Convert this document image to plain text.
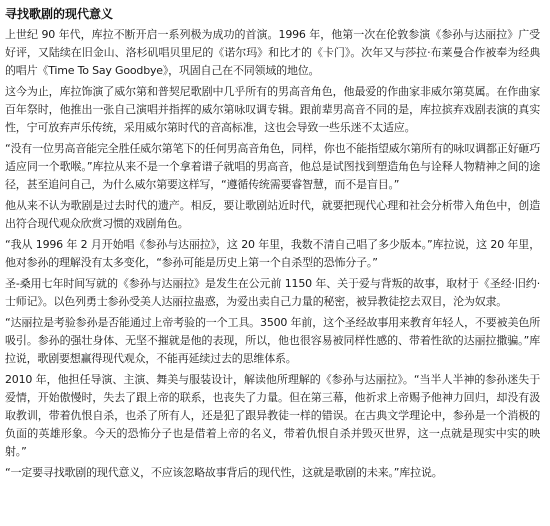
寻找歌剧的现代意义

上世纪 90 年代，库拉不断开启一系列极为成功的首演。1996 年，他第一次在伦敦参演《参孙与达丽拉》广受好评，又陆续在旧金山、洛杉矶唱贝里尼的《诺尔玛》和比才的《卡门》。次年又与莎拉·布莱曼合作被奉为经典的唱片《Time To Say Goodbye》，巩固自己在不同领域的地位。

这今为止，库拉饰演了威尔第和普契尼歌剧中几乎所有的男高音角色，他最爱的作曲家非威尔第莫属。在作曲家百年祭时，他推出一张自己演唱并指挥的威尔第咏叹调专辑。跟前辈男高音不同的是，库拉摈弃戏剧表演的真实性，宁可放弃声乐传统，采用威尔第时代的音高标准，这也会导致一些乐迷不太适应。

“没有一位男高音能完全胜任威尔第笔下的任何男高音角色，同样，你也不能指望威尔第所有的咏叹调都正好砸巧适应同一个歌喉。”库拉从来不是一个拿着谱子就唱的男高音，他总是试图找到塑造角色与诠释人物精神之间的途径，甚至追问自己，为什么威尔第要这样写，“遵循传统需要睿智慧，而不是盲目。”

他从来不认为歌剧是过去时代的遗产。相反，要让歌剧站近时代，就要把现代心理和社会分析带入角色中，创造出符合现代观众欣赏习惯的戏剧角色。

“我从 1996 年 2 月开始唱《参孙与达丽拉》，这 20 年里，我数不清自己唱了多少版本。”库拉说，这 20 年里，他对参孙的理解没有太多变化，“参孙可能是历史上第一个自杀型的恐怖分子。”

圣-桑用七年时间写就的《参孙与达丽拉》是发生在公元前 1150 年、关于爱与背叛的故事，取材于《圣经·旧约·士师记》。以色列勇士参孙受美人达丽拉蛊惑，为爱出卖自己力量的秘密，被异教徒挖去双目，沦为奴隶。

“达丽拉是考验参孙是否能通过上帝考验的一个工具。3500 年前，这个圣经故事用来教育年轻人，不要被美色所吸引。参孙的强壮身体、无坚不摧就是他的表现，所以，他也很容易被同样性感的、带着性欲的达丽拉撒骗。”库拉说，歌剧要想赢得现代观众，不能再延续过去的思维体系。

2010 年，他担任导演、主演、舞美与服装设计，解读他所理解的《参孙与达丽拉》。“当半人半神的参孙迷失于爱情，开始傲慢时，失去了跟上帝的联系，也丧失了力量。但在第三幕，他祈求上帝赐予他神力回归，却没有汲取教训，带着仇恨自杀，也杀了所有人，还是犯了跟异教徒一样的错误。在古典文学理论中，参孙是一个消极的负面的英雄形象。今天的恐怖分子也是借着上帝的名义，带着仇恨自杀并毁灭世界，这一点就是现实中实的映射。”

“一定要寻找歌剧的现代意义，不应该忽略故事背后的现代性，这就是歌剧的未来。”库拉说。
